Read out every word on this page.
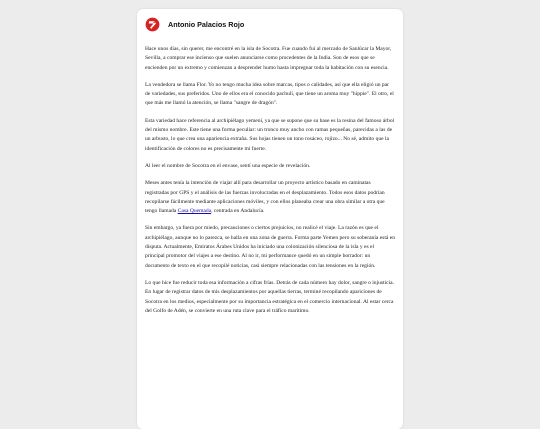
Antonio Palacios Rojo

Hace unos días, sin querer, me encontré en la isla de Socotra. Fue cuando fui al mercado de Sanlúcar la Mayor, Sevilla, a comprar ese incienso que suelen anunciarse como procedentes de la India. Son de esos que se encienden por un extremo y comienzan a desprender humo hasta impregnar toda la habitación con su esencia.

La vendedora se llama Flor. Yo no tengo mucha idea sobre marcas, tipos o calidades, así que ella eligió un par de variedades, sus preferidos. Uno de ellos era el conocido pachulí, que tiene un aroma muy "hippie". El otro, el que más me llamó la atención, se llama "sangre de dragón".

Esta variedad hace referencia al archipiélago yemení, ya que se supone que su base es la resina del famoso árbol del mismo nombre. Este tiene una forma peculiar: un tronco muy ancho con ramas pequeñas, parecidas a las de un arbusto, lo que crea una apariencia extraña. Sus hojas tienen un tono rosáceo, rojizo... No sé, admito que la identificación de colores no es precisamente mi fuerte.

Al leer el nombre de Socotra en el envase, sentí una especie de revelación.

Meses antes tenía la intención de viajar allí para desarrollar un proyecto artístico basado en caminatas registradas por GPS y el análisis de las fuerzas involucradas en el desplazamiento. Todos esos datos podrían recopilarse fácilmente mediante aplicaciones móviles, y con ellos planeaba crear una obra similar a otra que tengo llamada Casa Quemada, centrada en Andalucía.

Sin embargo, ya fuera por miedo, precauciones o ciertos prejuicios, no realicé el viaje. La razón es que el archipiélago, aunque no lo parezca, se halla en una zona de guerra. Forma parte Yemen pero su soberanía está en disputa. Actualmente, Emiratos Árabes Unidos ha iniciado una colonización silenciosa de la isla y es el principal promotor del viajes a ese destino. Al no ir, mi performance quedó en un simple borrador: un documento de texto en el que recopilé noticias, casi siempre relacionadas con las tensiones en la región.

Lo que hice fue reducir toda esa información a cifras frías. Detrás de cada número hay dolor, sangre o injusticia. En lugar de registrar datos de mis desplazamientos por aquellas tierras, terminé recopilando apariciones de Socotra en los medios, especialmente por su importancia estratégica en el comercio internacional. Al estar cerca del Golfo de Adén, se convierte en una ruta clave para el tráfico marítimo.
